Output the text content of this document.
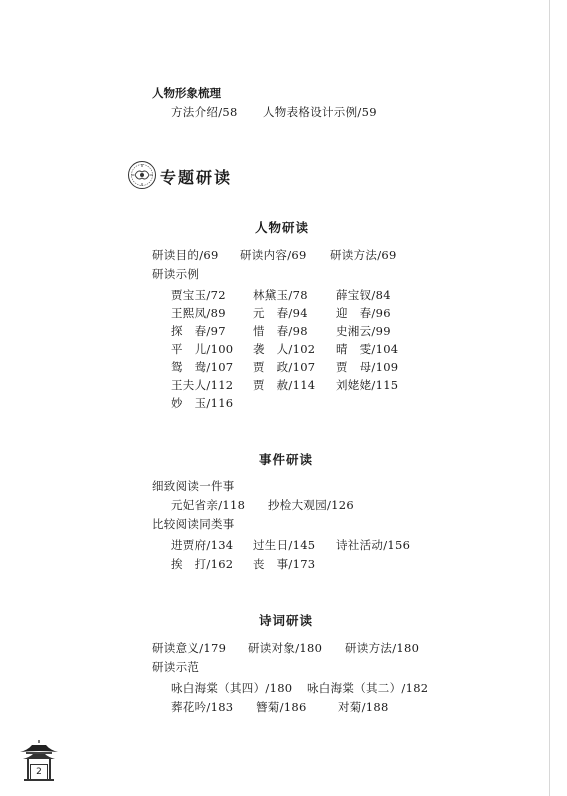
人物形象梳理
方法介绍/58 人物表格设计示例/59
专题研读
人物研读
研读目的/69 研读内容/69 研读方法/69
研读示例
贾宝玉/72 林黛玉/78 薛宝钗/84
王熙凤/89 元　春/94 迎　春/96
探　春/97 惜　春/98 史湘云/99
平　儿/100 袭　人/102 晴　雯/104
鸳　鸯/107 贾　政/107 贾　母/109
王夫人/112 贾　赦/114 刘姥姥/115
妙　玉/116
事件研读
细致阅读一件事
元妃省亲/118 抄检大观园/126
比较阅读同类事
进贾府/134 过生日/145 诗社活动/156
挨　打/162 丧　事/173
诗词研读
研读意义/179 研读对象/180 研读方法/180
研读示范
咏白海棠（其四）/180 咏白海棠（其二）/182
葬花吟/183 簪菊/186	对菊/188
2
